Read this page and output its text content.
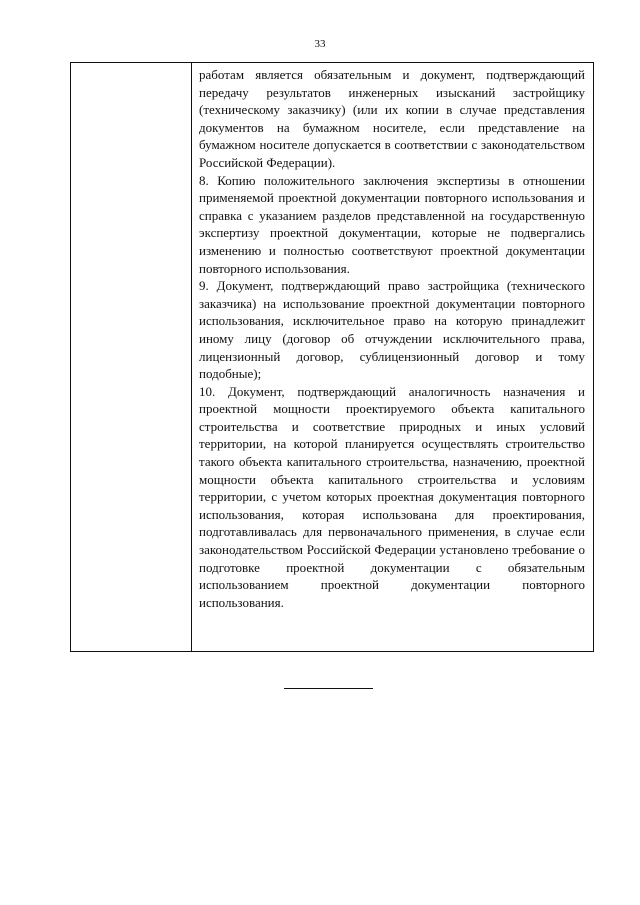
33

работам является обязательным и документ, подтверждающий передачу результатов инженерных изысканий застройщику (техническому заказчику) (или их копии в случае представления документов на бумажном носителе, если представление на бумажном носителе допускается в соответствии с законодательством Российской Федерации).

8. Копию положительного заключения экспертизы в отношении применяемой проектной документации повторного использования и справка с указанием разделов представленной на государственную экспертизу проектной документации, которые не подвергались изменению и полностью соответствуют проектной документации повторного использования.

9. Документ, подтверждающий право застройщика (технического заказчика) на использование проектной документации повторного использования, исключительное право на которую принадлежит иному лицу (договор об отчуждении исключительного права, лицензионный договор, сублицензионный договор и тому подобные);

10. Документ, подтверждающий аналогичность назначения и проектной мощности проектируемого объекта капитального строительства и соответствие природных и иных условий территории, на которой планируется осуществлять строительство такого объекта капитального строительства, назначению, проектной мощности объекта капитального строительства и условиям территории, с учетом которых проектная документация повторного использования, которая использована для проектирования, подготавливалась для первоначального применения, в случае если законодательством Российской Федерации установлено требование о подготовке проектной документации с обязательным использованием проектной документации повторного использования.
